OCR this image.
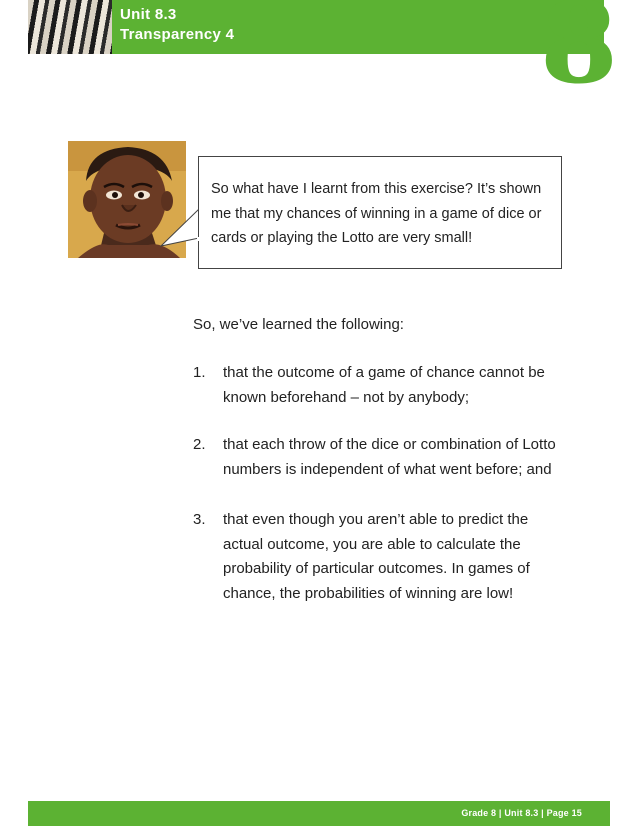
Unit 8.3
Transparency 4	8
So what have I learnt from this exercise? It’s shown me that my chances of winning in a game of dice or cards or playing the Lotto are very small!
So, we’ve learned the following:
1. that the outcome of a game of chance cannot be known beforehand – not by anybody;
2. that each throw of the dice or combination of Lotto numbers is independent of what went before; and
3. that even though you aren’t able to predict the actual outcome, you are able to calculate the probability of particular outcomes. In games of chance, the probabilities of winning are low!
Grade 8 | Unit 8.3 | Page 15
